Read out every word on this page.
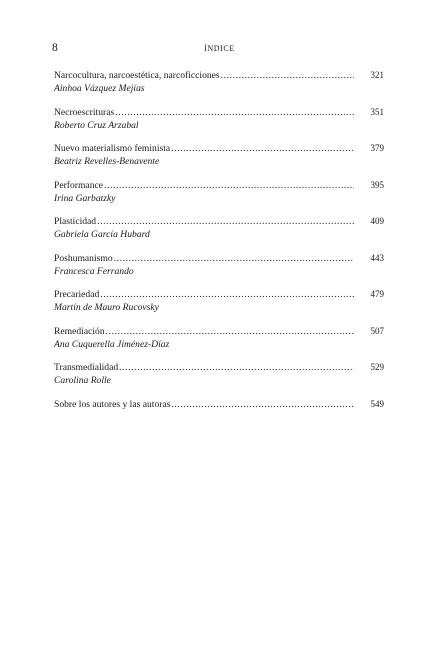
8	ÍNDICE
Narcocultura, narcoestética, narcoficciones .....	321
Ainhoa Vázquez Mejías
Necroescrituras .....	351
Roberto Cruz Arzabal
Nuevo materialismo feminista .....	379
Beatriz Revelles-Benavente
Performance .....	395
Irina Garbatzky
Plasticidad .....	409
Gabriela García Hubard
Poshumanismo .....	443
Francesca Ferrando
Precariedad .....	479
Martín de Mauro Rucovsky
Remediación .....	507
Ana Cuquerella Jiménez-Díaz
Transmedialidad .....	529
Carolina Rolle
Sobre los autores y las autoras .....	549
